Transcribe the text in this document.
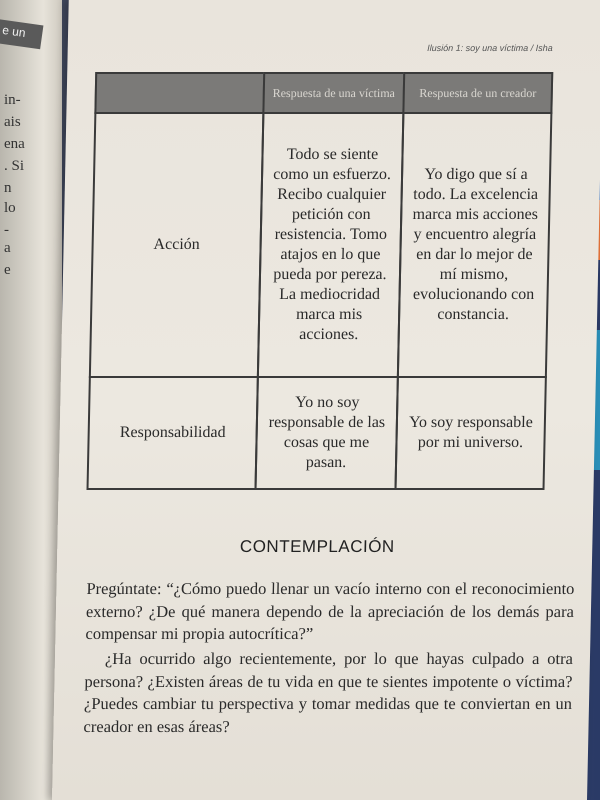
e un
in-
ais
ena
. Si
n
lo
-
a
e
Ilusión 1: soy una víctima / Isha
Respuesta de una víctima	Respuesta de un creador
Acción
Todo se siente como un esfuerzo. Recibo cualquier petición con resistencia. Tomo atajos en lo que pueda por pereza. La mediocridad marca mis acciones.
Yo digo que sí a todo. La excelencia marca mis acciones y encuentro alegría en dar lo mejor de mí mismo, evolucionando con constancia.
Responsabilidad
Yo no soy responsable de las cosas que me pasan.
Yo soy responsable por mi universo.
CONTEMPLACIÓN
Pregúntate: “¿Cómo puedo llenar un vacío interno con el reconocimiento externo? ¿De qué manera dependo de la apreciación de los demás para compensar mi propia autocrítica?”
¿Ha ocurrido algo recientemente, por lo que hayas culpado a otra persona? ¿Existen áreas de tu vida en que te sientes impotente o víctima? ¿Puedes cambiar tu perspectiva y tomar medidas que te conviertan en un creador en esas áreas?
